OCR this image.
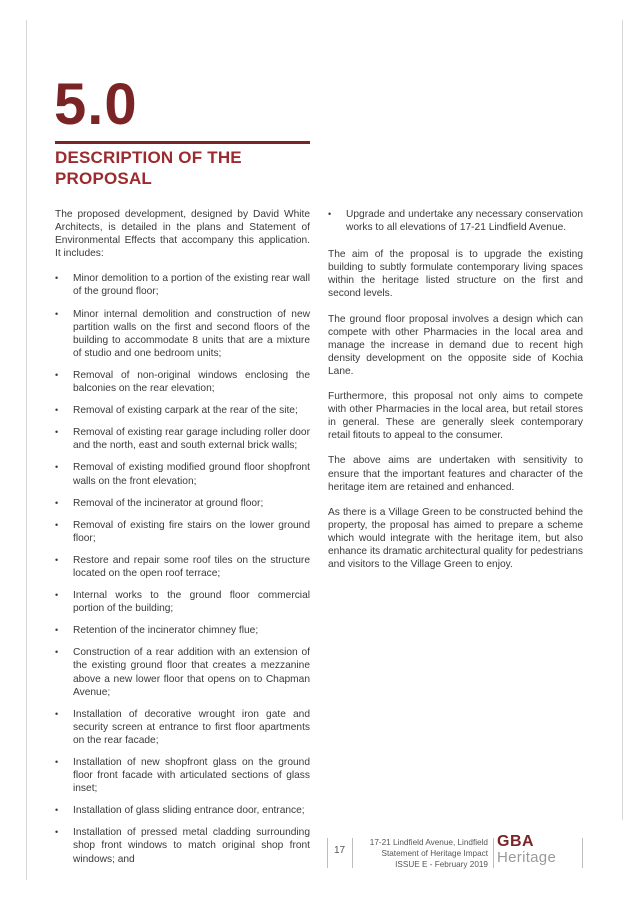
5.0
DESCRIPTION OF THE
PROPOSAL

The proposed development, designed by David White Architects, is detailed in the plans and Statement of Environmental Effects that accompany this application. It includes:

• Minor demolition to a portion of the existing rear wall of the ground floor;
• Minor internal demolition and construction of new partition walls on the first and second floors of the building to accommodate 8 units that are a mixture of studio and one bedroom units;
• Removal of non-original windows enclosing the balconies on the rear elevation;
• Removal of existing carpark at the rear of the site;
• Removal of existing rear garage including roller door and the north, east and south external brick walls;
• Removal of existing modified ground floor shopfront walls on the front elevation;
• Removal of the incinerator at ground floor;
• Removal of existing fire stairs on the lower ground floor;
• Restore and repair some roof tiles on the structure located on the open roof terrace;
• Internal works to the ground floor commercial portion of the building;
• Retention of the incinerator chimney flue;
• Construction of a rear addition with an extension of the existing ground floor that creates a mezzanine above a new lower floor that opens on to Chapman Avenue;
• Installation of decorative wrought iron gate and security screen at entrance to first floor apartments on the rear facade;
• Installation of new shopfront glass on the ground floor front facade with articulated sections of glass inset;
• Installation of glass sliding entrance door, entrance;
• Installation of pressed metal cladding surrounding shop front windows to match original shop front windows; and
• Upgrade and undertake any necessary conservation works to all elevations of 17-21 Lindfield Avenue.

The aim of the proposal is to upgrade the existing building to subtly formulate contemporary living spaces within the heritage listed structure on the first and second levels.

The ground floor proposal involves a design which can compete with other Pharmacies in the local area and manage the increase in demand due to recent high density development on the opposite side of Kochia Lane.

Furthermore, this proposal not only aims to compete with other Pharmacies in the local area, but retail stores in general. These are generally sleek contemporary retail fitouts to appeal to the consumer.

The above aims are undertaken with sensitivity to ensure that the important features and character of the heritage item are retained and enhanced.

As there is a Village Green to be constructed behind the property, the proposal has aimed to prepare a scheme which would integrate with the heritage item, but also enhance its dramatic architectural quality for pedestrians and visitors to the Village Green to enjoy.

17
17-21 Lindfield Avenue, Lindfield
Statement of Heritage Impact
ISSUE E - February 2019
GBA
Heritage
